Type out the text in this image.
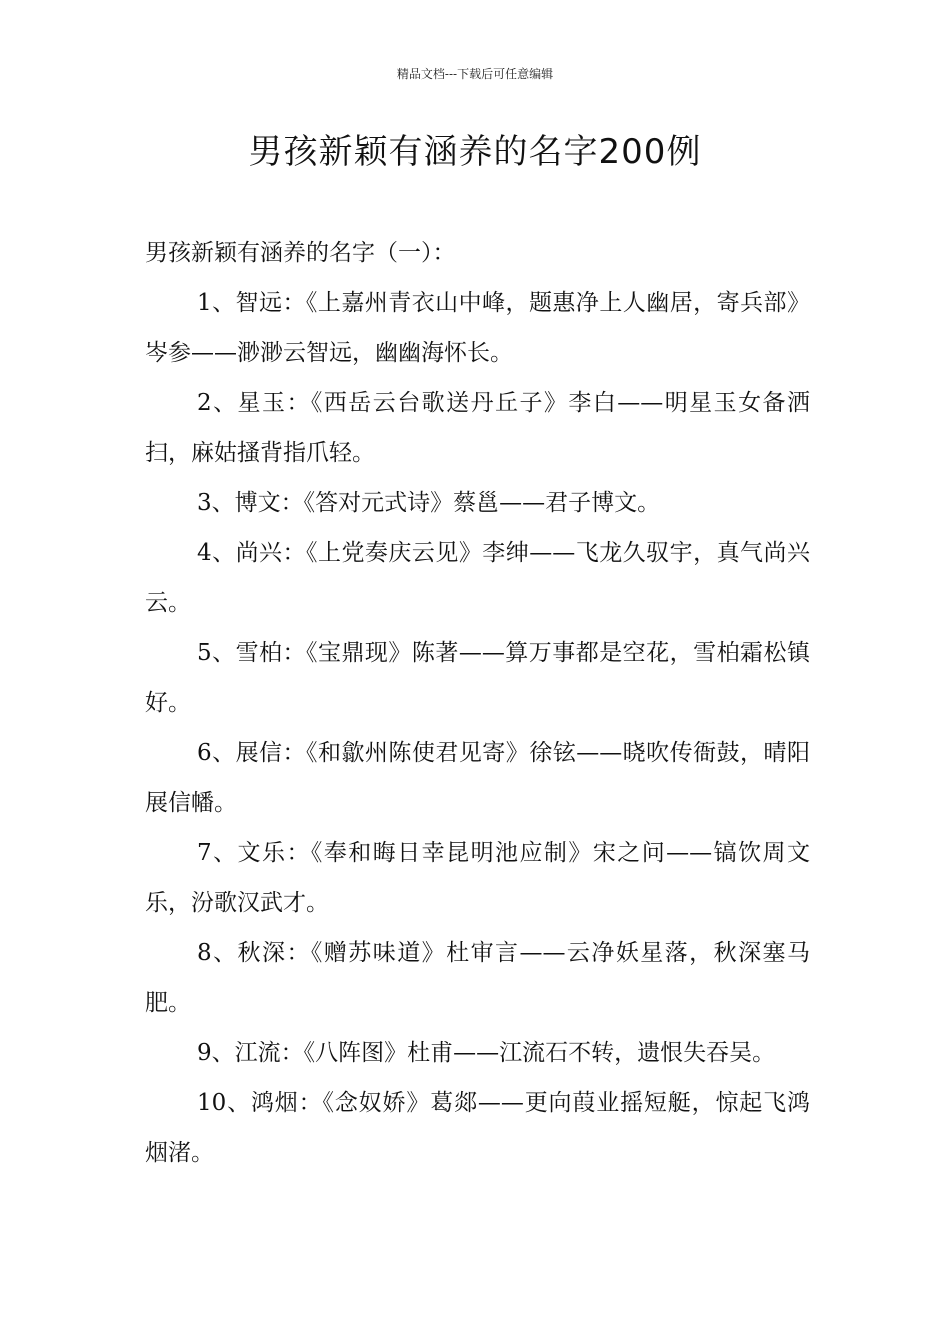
精品文档---下载后可任意编辑
男孩新颖有涵养的名字200例

男孩新颖有涵养的名字（一）：

1、智远：《上嘉州青衣山中峰，题惠净上人幽居，寄兵部》岑参——渺渺云智远，幽幽海怀长。
2、星玉：《西岳云台歌送丹丘子》李白——明星玉女备洒扫，麻姑搔背指爪轻。
3、博文：《答对元式诗》蔡邕——君子博文。
4、尚兴：《上党奏庆云见》李绅——飞龙久驭宇，真气尚兴云。
5、雪柏：《宝鼎现》陈著——算万事都是空花，雪柏霜松镇好。
6、展信：《和歙州陈使君见寄》徐铉——晓吹传衙鼓，晴阳展信幡。
7、文乐：《奉和晦日幸昆明池应制》宋之问——镐饮周文乐，汾歌汉武才。
8、秋深：《赠苏味道》杜审言——云净妖星落，秋深塞马肥。
9、江流：《八阵图》杜甫——江流石不转，遗恨失吞吴。
10、鸿烟：《念奴娇》葛郯——更向葭业摇短艇，惊起飞鸿烟渚。
